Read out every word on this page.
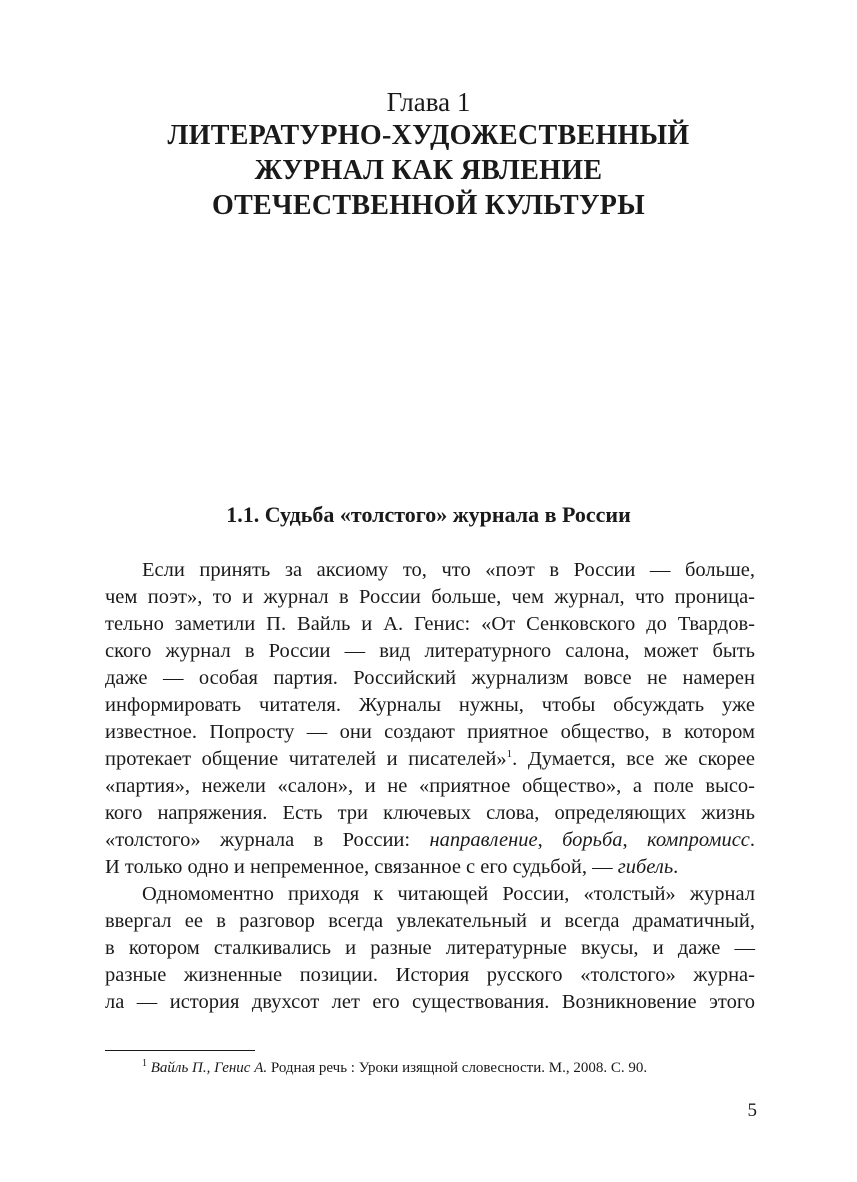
Глава 1
ЛИТЕРАТУРНО-ХУДОЖЕСТВЕННЫЙ
ЖУРНАЛ КАК ЯВЛЕНИЕ
ОТЕЧЕСТВЕННОЙ КУЛЬТУРЫ
1.1. Судьба «толстого» журнала в России
Если принять за аксиому то, что «поэт в России — больше,
чем поэт», то и журнал в России больше, чем журнал, что проница-
тельно заметили П. Вайль и А. Генис: «От Сенковского до Твардов-
ского журнал в России — вид литературного салона, может быть
даже — особая партия. Российский журнализм вовсе не намерен
информировать читателя. Журналы нужны, чтобы обсуждать уже
известное. Попросту — они создают приятное общество, в котором
протекает общение читателей и писателей»$^1$. Думается, все же скорее
«партия», нежели «салон», и не «приятное общество», а поле высо-
кого напряжения. Есть три ключевых слова, определяющих жизнь
«толстого» журнала в России: направление, борьба, компромисс.
И только одно и непременное, связанное с его судьбой, — гибель.
Одномоментно приходя к читающей России, «толстый» журнал
ввергал ее в разговор всегда увлекательный и всегда драматичный,
в котором сталкивались и разные литературные вкусы, и даже —
разные жизненные позиции. История русского «толстого» журна-
ла — история двухсот лет его существования. Возникновение этого
$^1$ Вайль П., Генис А. Родная речь : Уроки изящной словесности. М., 2008. С. 90.
5
